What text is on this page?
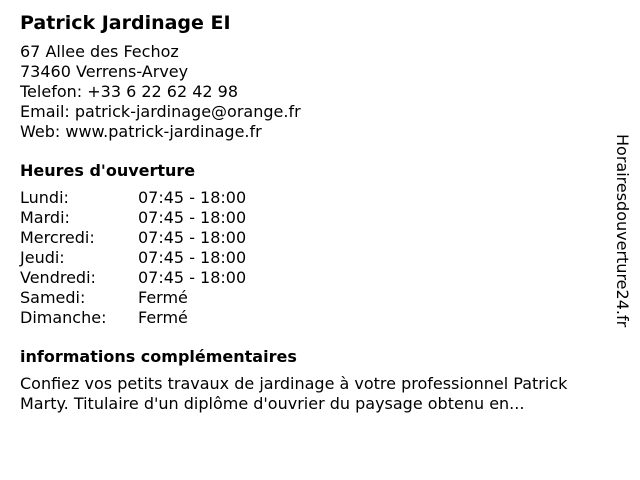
Patrick Jardinage EI
67 Allee des Fechoz
73460 Verrens-Arvey
Telefon: +33 6 22 62 42 98
Email: patrick-jardinage@orange.fr
Web: www.patrick-jardinage.fr
Heures d'ouverture
Lundi:	07:45 - 18:00
Mardi:	07:45 - 18:00
Mercredi:	07:45 - 18:00
Jeudi:	07:45 - 18:00
Vendredi:	07:45 - 18:00
Samedi:	Fermé
Dimanche:	Fermé
informations complémentaires
Confiez vos petits travaux de jardinage à votre professionnel Patrick Marty. Titulaire d'un diplôme d'ouvrier du paysage obtenu en...
Horairesdouverture24.fr
